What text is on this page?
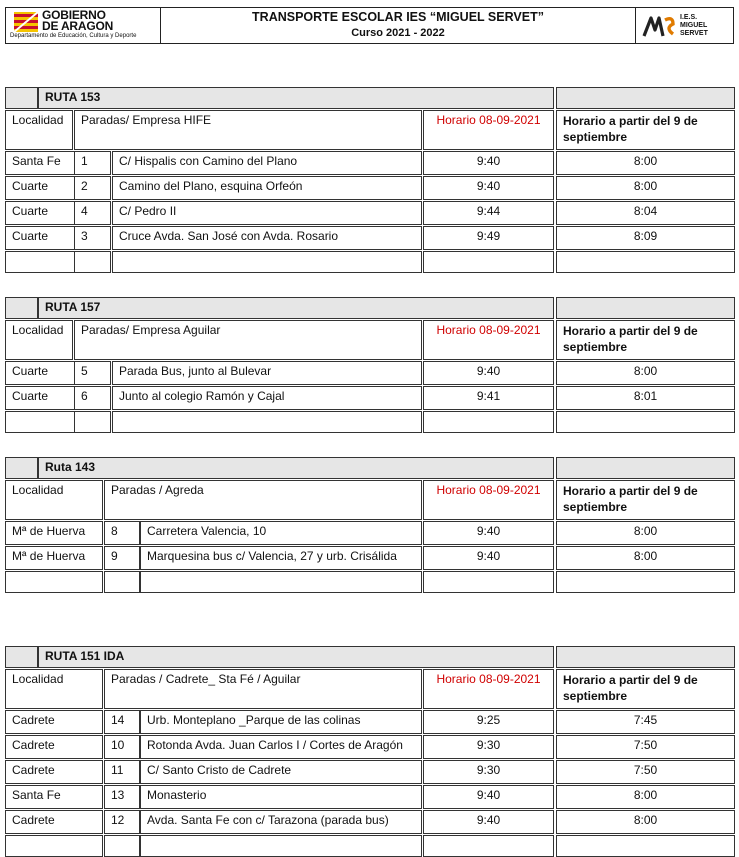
GOBIERNO
DE ARAGON
Departamento de Educación, Cultura y Deporte
TRANSPORTE ESCOLAR IES “MIGUEL SERVET”
Curso 2021 - 2022
I.E.S.
MIGUEL
SERVET
RUTA 153
Localidad	Paradas/ Empresa HIFE	Horario 08-09-2021	Horario a partir del 9 de septiembre
Santa Fe	1	C/ Hispalis con Camino del Plano	9:40	8:00
Cuarte	2	Camino del Plano, esquina Orfeón	9:40	8:00
Cuarte	4	C/ Pedro II	9:44	8:04
Cuarte	3	Cruce Avda. San José con Avda. Rosario	9:49	8:09
RUTA 157
Localidad	Paradas/ Empresa Aguilar	Horario 08-09-2021	Horario a partir del 9 de septiembre
Cuarte	5	Parada Bus, junto al Bulevar	9:40	8:00
Cuarte	6	Junto al colegio Ramón y Cajal	9:41	8:01
Ruta 143
Localidad	Paradas / Agreda	Horario 08-09-2021	Horario a partir del 9 de septiembre
Mª de Huerva	8	Carretera Valencia, 10	9:40	8:00
Mª de Huerva	9	Marquesina bus c/ Valencia, 27 y urb. Crisálida	9:40	8:00
RUTA 151 IDA
Localidad	Paradas / Cadrete_ Sta Fé / Aguilar	Horario 08-09-2021	Horario a partir del 9 de septiembre
Cadrete	14	Urb. Monteplano _Parque de las colinas	9:25	7:45
Cadrete	10	Rotonda Avda. Juan Carlos I / Cortes de Aragón	9:30	7:50
Cadrete	11	C/ Santo Cristo de Cadrete	9:30	7:50
Santa Fe	13	Monasterio	9:40	8:00
Cadrete	12	Avda. Santa Fe con c/ Tarazona (parada bus)	9:40	8:00
